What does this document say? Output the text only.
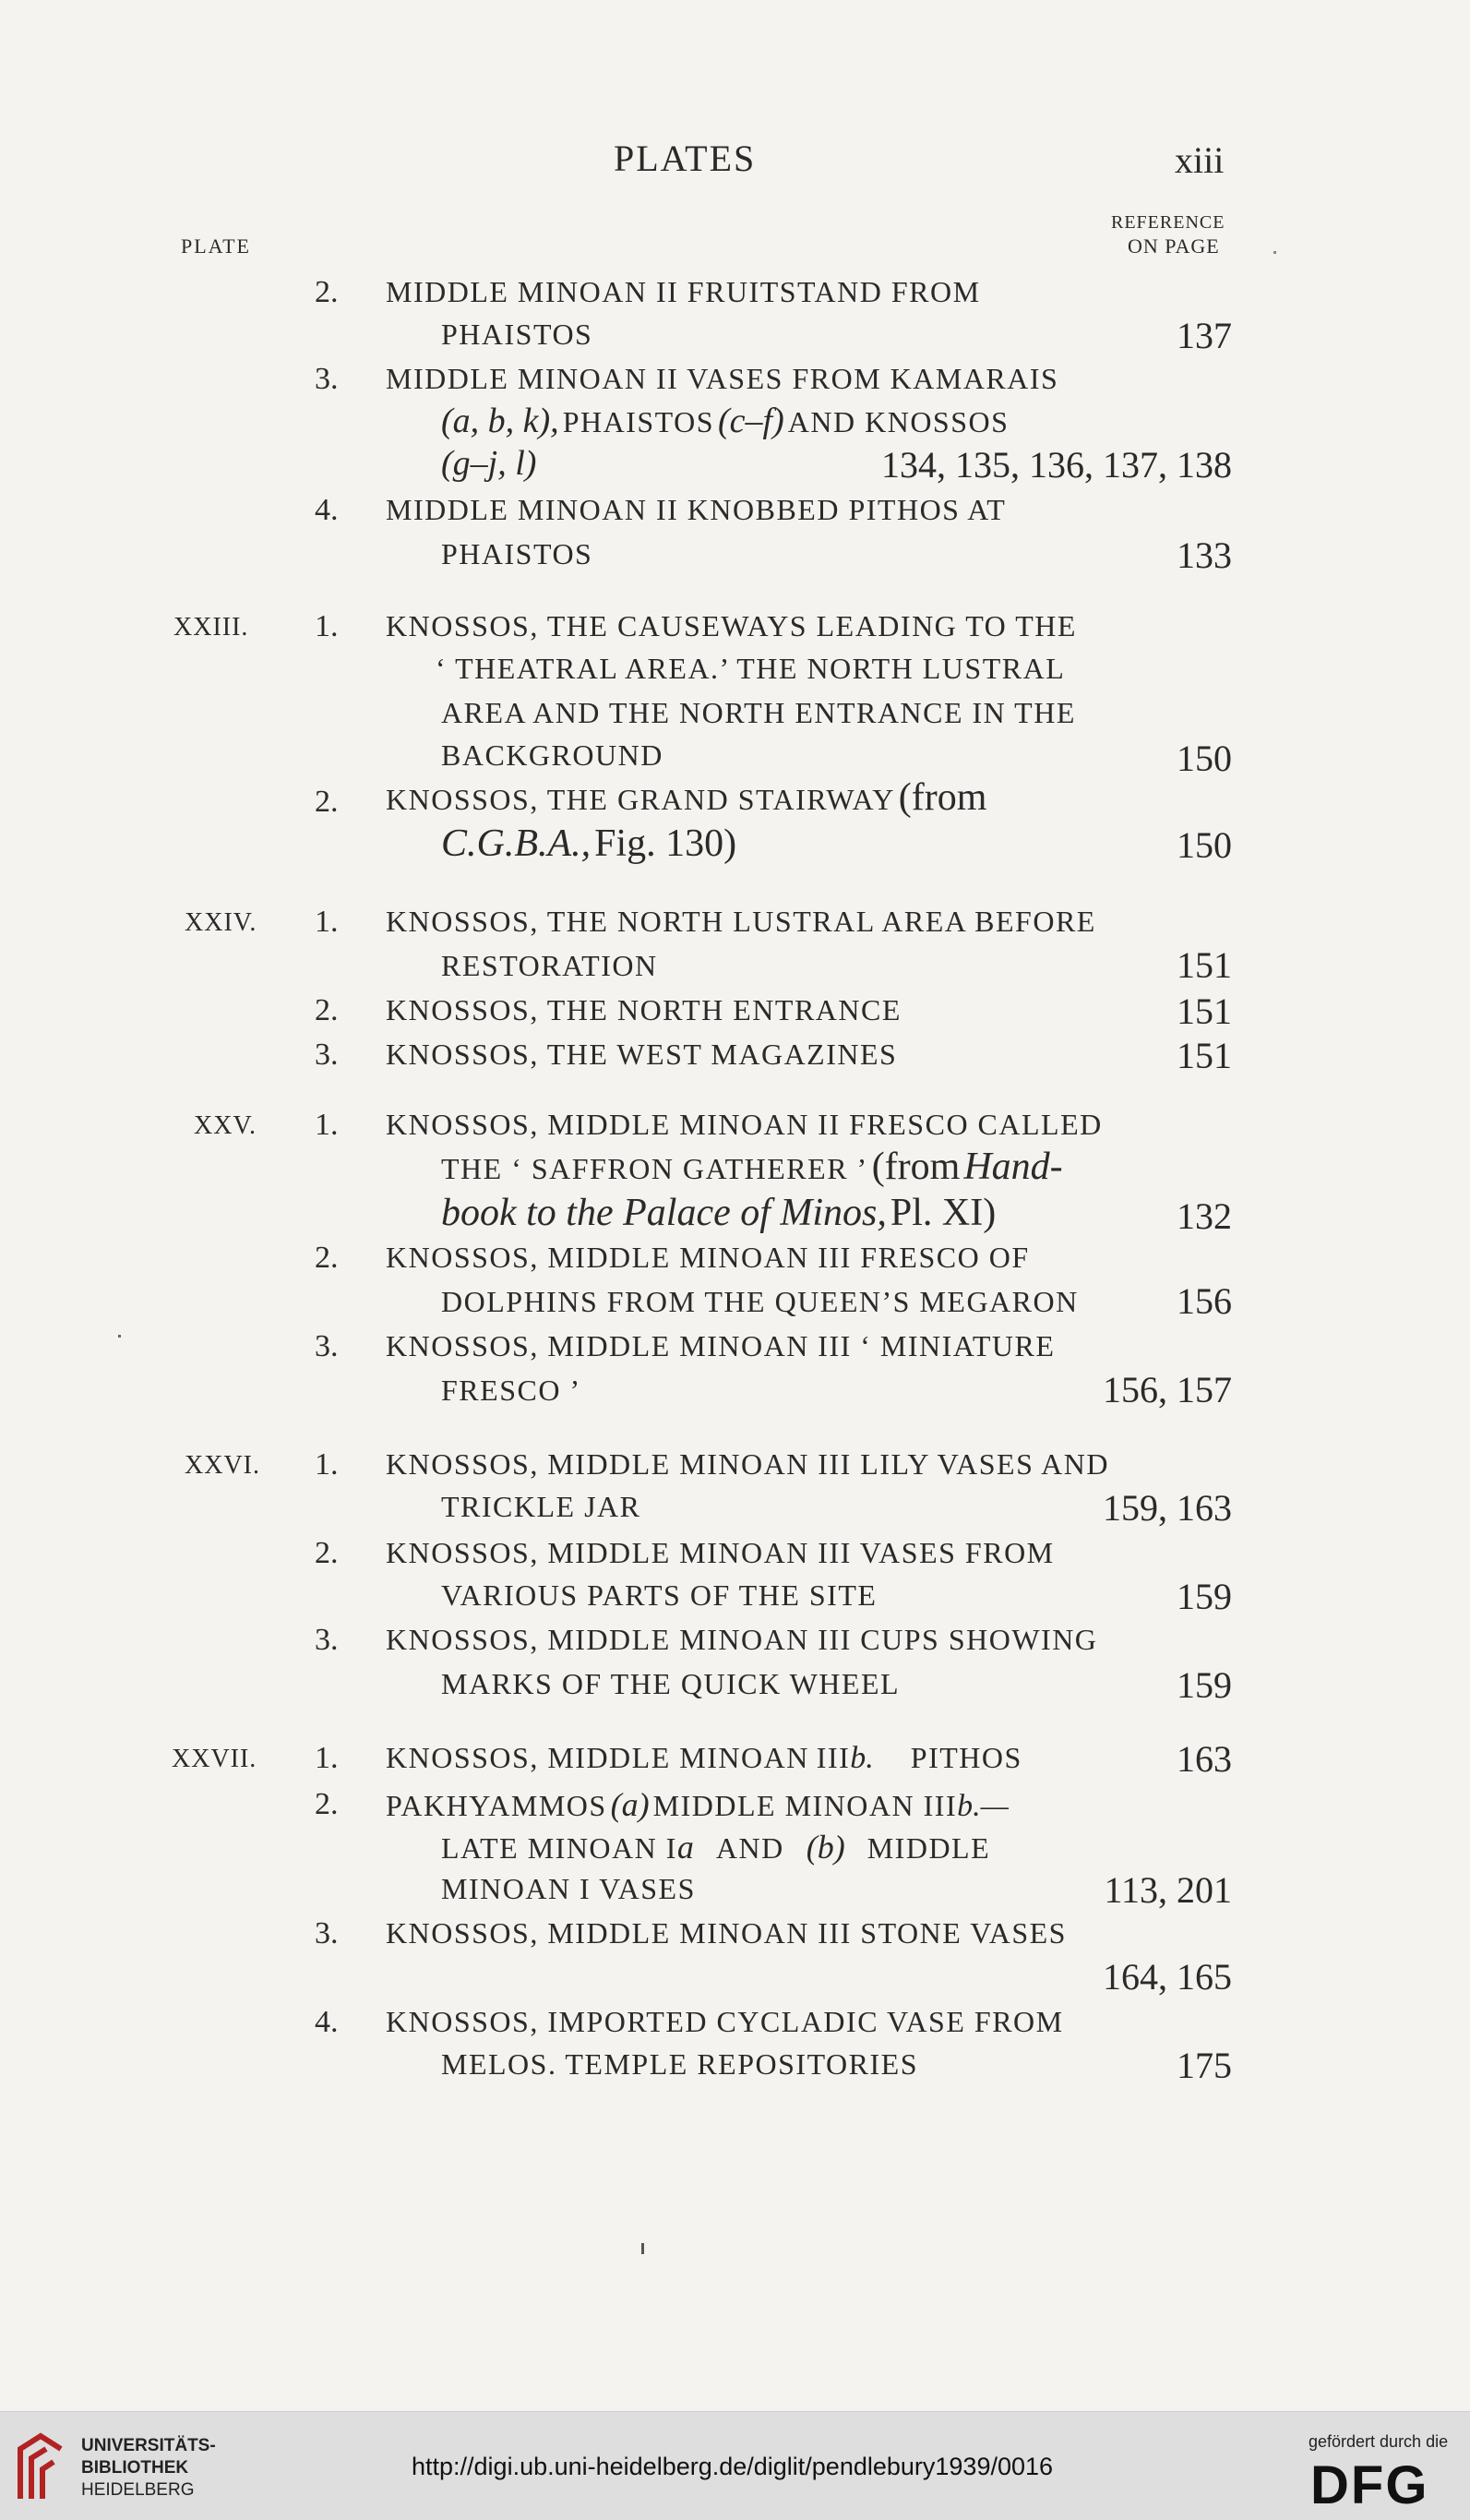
PLATES	xiii
PLATE
REFERENCE
ON PAGE
2. MIDDLE MINOAN II FRUITSTAND FROM
PHAISTOS	137
3. MIDDLE MINOAN II VASES FROM KAMARAIS
(a, b, k), PHAISTOS (c–f) AND KNOSSOS
(g–j, l)	134, 135, 136, 137, 138
4. MIDDLE MINOAN II KNOBBED PITHOS AT
PHAISTOS	133
XXIII. 1. KNOSSOS, THE CAUSEWAYS LEADING TO THE
‘ THEATRAL AREA.’ THE NORTH LUSTRAL
AREA AND THE NORTH ENTRANCE IN THE
BACKGROUND	150
2. KNOSSOS, THE GRAND STAIRWAY (from
C.G.B.A., Fig. 130)	150
XXIV. 1. KNOSSOS, THE NORTH LUSTRAL AREA BEFORE
RESTORATION	151
2. KNOSSOS, THE NORTH ENTRANCE	151
3. KNOSSOS, THE WEST MAGAZINES	151
XXV. 1. KNOSSOS, MIDDLE MINOAN II FRESCO CALLED
THE ‘ SAFFRON GATHERER ’ (from Hand-
book to the Palace of Minos, Pl. XI)	132
2. KNOSSOS, MIDDLE MINOAN III FRESCO OF
DOLPHINS FROM THE QUEEN’S MEGARON	156
3. KNOSSOS, MIDDLE MINOAN III ‘ MINIATURE
FRESCO ’	156, 157
XXVI. 1. KNOSSOS, MIDDLE MINOAN III LILY VASES AND
TRICKLE JAR	159, 163
2. KNOSSOS, MIDDLE MINOAN III VASES FROM
VARIOUS PARTS OF THE SITE	159
3. KNOSSOS, MIDDLE MINOAN III CUPS SHOWING
MARKS OF THE QUICK WHEEL	159
XXVII. 1. KNOSSOS, MIDDLE MINOAN IIIb. PITHOS	163
2. PAKHYAMMOS (a) MIDDLE MINOAN IIIb.—
LATE MINOAN Ia AND (b) MIDDLE
MINOAN I VASES	113, 201
3. KNOSSOS, MIDDLE MINOAN III STONE VASES
164, 165
4. KNOSSOS, IMPORTED CYCLADIC VASE FROM
MELOS. TEMPLE REPOSITORIES	175
UNIVERSITÄTS-
BIBLIOTHEK
HEIDELBERG
http://digi.ub.uni-heidelberg.de/diglit/pendlebury1939/0016
gefördert durch die
DFG
